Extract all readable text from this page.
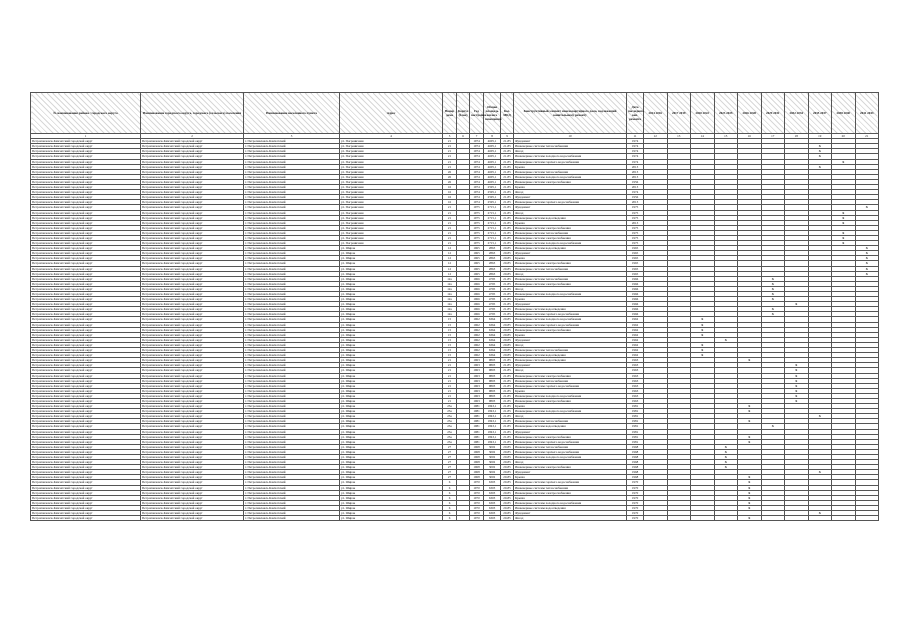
№ наименование района / городского округа	Наименование городского округа, городского (сельского) поселения	Наименование населенного пункта	Адрес	Номер дома	Корпус (блок)	Год постройки	Общая площадь жилого помещения	Кол. МКД	Конструктивный элемент многоквартирного дома, подлежащий капитальному ремонту	Дата последнего кап. ремонта	2014 2016	2017 2019	2020 2022	2023 2025	2026 2028	2029 2031	2032 2034	2035 2037	2038 2040	2041 2043
1	2	3	4	5	6	7	8	9	10	11	12	13	14	15	16	17	18	19	20	21
Петропавловск-Камчатский городской округ	Петропавловск-Камчатский городской округ	г. Петропавловск-Камчатский	ул. Пограничная	21		1974	4605,1	21-85	Фундамент	1974										
Петропавловск-Камчатский городской округ	Петропавловск-Камчатский городской округ	г. Петропавловск-Камчатский	ул. Пограничная	21		1974	4605,1	21-85	Инженерные системы теплоснабжения	1974								X		
Петропавловск-Камчатский городской округ	Петропавловск-Камчатский городской округ	г. Петропавловск-Камчатский	ул. Пограничная	21		1974	4605,1	21-85	Фасад	1974								X		
Петропавловск-Камчатский городской округ	Петропавловск-Камчатский городской округ	г. Петропавловск-Камчатский	ул. Пограничная	21		1974	4605,1	21-85	Инженерные системы холодного водоснабжения	1974								X		
Петропавловск-Камчатский городской округ	Петропавловск-Камчатский городской округ	г. Петропавловск-Камчатский	ул. Пограничная	21		1974	4605,1	21-85	Инженерные системы горячего водоснабжения	1974									X	
Петропавловск-Камчатский городской округ	Петропавловск-Камчатский городской округ	г. Петропавловск-Камчатский	ул. Пограничная	21		1974	4605,1	21-85	Крыша	2013								X		
Петропавловск-Камчатский городской округ	Петропавловск-Камчатский городской округ	г. Петропавловск-Камчатский	ул. Пограничная	26		1974	4605,1	21-85	Инженерные системы теплоснабжения	2013										
Петропавловск-Камчатский городской округ	Петропавловск-Камчатский городской округ	г. Петропавловск-Камчатский	ул. Пограничная	26		1974	4605,1	21-85	Инженерные системы холодного водоснабжения	2013										
Петропавловск-Камчатский городской округ	Петропавловск-Камчатский городской округ	г. Петропавловск-Камчатский	ул. Пограничная	26		1974	4605,1	21-85	Инженерные системы электроснабжения	1956										
Петропавловск-Камчатский городской округ	Петропавловск-Камчатский городской округ	г. Петропавловск-Камчатский	ул. Пограничная	16		1974	2595,1	21-85	Крыша	2013										
Петропавловск-Камчатский городской округ	Петропавловск-Камчатский городской округ	г. Петропавловск-Камчатский	ул. Пограничная	16		1974	2595,1	21-85	Фасад	1974										
Петропавловск-Камчатский городской округ	Петропавловск-Камчатский городской округ	г. Петропавловск-Камчатский	ул. Пограничная	16		1974	2595,1	21-85	Фундамент	1956										
Петропавловск-Камчатский городской округ	Петропавловск-Камчатский городской округ	г. Петропавловск-Камчатский	ул. Пограничная	16		1974	2595,1	21-85	Инженерные системы горячего водоснабжения	2013										
Петропавловск-Камчатский городской округ	Петропавловск-Камчатский городской округ	г. Петропавловск-Камчатский	ул. Пограничная	21		1975	2715,1	21-85	Фундамент	1975										X
Петропавловск-Камчатский городской округ	Петропавловск-Камчатский городской округ	г. Петропавловск-Камчатский	ул. Пограничная	21		1975	2715,1	21-85	Фасад	1975									X	
Петропавловск-Камчатский городской округ	Петропавловск-Камчатский городской округ	г. Петропавловск-Камчатский	ул. Пограничная	21		1975	2715,1	21-85	Инженерные системы водоотведения	1975									X	
Петропавловск-Камчатский городской округ	Петропавловск-Камчатский городской округ	г. Петропавловск-Камчатский	ул. Пограничная	21		1975	2715,1	21-85	Крыша	2013									X	
Петропавловск-Камчатский городской округ	Петропавловск-Камчатский городской округ	г. Петропавловск-Камчатский	ул. Пограничная	21		1975	2715,1	21-85	Инженерные системы электроснабжения	1975										
Петропавловск-Камчатский городской округ	Петропавловск-Камчатский городской округ	г. Петропавловск-Камчатский	ул. Пограничная	21		1975	2715,1	21-85	Инженерные системы теплоснабжения	1975									X	
Петропавловск-Камчатский городской округ	Петропавловск-Камчатский городской округ	г. Петропавловск-Камчатский	ул. Пограничная	21		1975	2715,1	21-85	Инженерные системы электроснабжения	1975									X	
Петропавловск-Камчатский городской округ	Петропавловск-Камчатский городской округ	г. Петропавловск-Камчатский	ул. Пограничная	21		1975	2715,1	21-85	Инженерные системы холодного водоснабжения	1975									X	
Петропавловск-Камчатский городской округ	Петропавловск-Камчатский городской округ	г. Петропавловск-Камчатский	ул. Ширак	12		1965	2863	20-85	Инженерные системы водоотведения	1965										X
Петропавловск-Камчатский городской округ	Петропавловск-Камчатский городской округ	г. Петропавловск-Камчатский	ул. Ширак	12		1965	2863	20-85	Фундамент	1965										X
Петропавловск-Камчатский городской округ	Петропавловск-Камчатский городской округ	г. Петропавловск-Камчатский	ул. Ширак	12		1965	2863	20-85	Крыша	1965										X
Петропавловск-Камчатский городской округ	Петропавловск-Камчатский городской округ	г. Петропавловск-Камчатский	ул. Ширак	12		1965	2863	20-85	Инженерные системы электроснабжения	1965										X
Петропавловск-Камчатский городской округ	Петропавловск-Камчатский городской округ	г. Петропавловск-Камчатский	ул. Ширак	12		1965	2863	20-85	Инженерные системы теплоснабжения	1965										X
Петропавловск-Камчатский городской округ	Петропавловск-Камчатский городской округ	г. Петропавловск-Камчатский	ул. Ширак	12		1965	2863	20-85	Фасад	1965										X
Петропавловск-Камчатский городской округ	Петропавловск-Камчатский городской округ	г. Петропавловск-Камчатский	ул. Ширак	12а		1966	4795	21-85	Инженерные системы теплоснабжения	1966						X				
Петропавловск-Камчатский городской округ	Петропавловск-Камчатский городской округ	г. Петропавловск-Камчатский	ул. Ширак	12а		1966	4795	21-85	Инженерные системы электроснабжения	1966						X				
Петропавловск-Камчатский городской округ	Петропавловск-Камчатский городской округ	г. Петропавловск-Камчатский	ул. Ширак	12а		1966	4795	21-85	Фасад	1966						X				
Петропавловск-Камчатский городской округ	Петропавловск-Камчатский городской округ	г. Петропавловск-Камчатский	ул. Ширак	12а		1966	4795	21-85	Инженерные системы холодного водоснабжения	1966						X				
Петропавловск-Камчатский городской округ	Петропавловск-Камчатский городской округ	г. Петропавловск-Камчатский	ул. Ширак	12а		1966	4795	21-85	Крыша	1966						X				
Петропавловск-Камчатский городской округ	Петропавловск-Камчатский городской округ	г. Петропавловск-Камчатский	ул. Ширак	12а		1966	4795	21-85	Фундамент	1966							X			
Петропавловск-Камчатский городской округ	Петропавловск-Камчатский городской округ	г. Петропавловск-Камчатский	ул. Ширак	12а		1966	4795	21-85	Инженерные системы водоотведения	1966						X				
Петропавловск-Камчатский городской округ	Петропавловск-Камчатский городской округ	г. Петропавловск-Камчатский	ул. Ширак	12а		1966	4795	21-85	Инженерные системы горячего водоснабжения	1966						X				
Петропавловск-Камчатский городской округ	Петропавловск-Камчатский городской округ	г. Петропавловск-Камчатский	ул. Ширак	15		1962	6364	20-85	Инженерные системы холодного водоснабжения	1962			X							
Петропавловск-Камчатский городской округ	Петропавловск-Камчатский городской округ	г. Петропавловск-Камчатский	ул. Ширак	15		1962	6364	20-85	Инженерные системы горячего водоснабжения	1962			X							
Петропавловск-Камчатский городской округ	Петропавловск-Камчатский городской округ	г. Петропавловск-Камчатский	ул. Ширак	15		1962	6364	20-85	Инженерные системы электроснабжения	1962			X							
Петропавловск-Камчатский городской округ	Петропавловск-Камчатский городской округ	г. Петропавловск-Камчатский	ул. Ширак	15		1962	6364	20-85	Крыша	1962			X							
Петропавловск-Камчатский городской округ	Петропавловск-Камчатский городской округ	г. Петропавловск-Камчатский	ул. Ширак	15		1962	6364	20-85	Фундамент	1962				X						
Петропавловск-Камчатский городской округ	Петропавловск-Камчатский городской округ	г. Петропавловск-Камчатский	ул. Ширак	15		1962	6364	20-85	Фасад	1962			X							
Петропавловск-Камчатский городской округ	Петропавловск-Камчатский городской округ	г. Петропавловск-Камчатский	ул. Ширак	15		1962	6364	20-85	Инженерные системы теплоснабжения	1962			X							
Петропавловск-Камчатский городской округ	Петропавловск-Камчатский городской округ	г. Петропавловск-Камчатский	ул. Ширак	15		1962	6364	20-85	Инженерные системы водоотведения	1962			X							
Петропавловск-Камчатский городской округ	Петропавловск-Камчатский городской округ	г. Петропавловск-Камчатский	ул. Ширак	21		1963	9803	21-85	Инженерные системы водоотведения	1963					X					
Петропавловск-Камчатский городской округ	Петропавловск-Камчатский городской округ	г. Петропавловск-Камчатский	ул. Ширак	21		1963	9803	21-85	Фундамент	1963							X			
Петропавловск-Камчатский городской округ	Петропавловск-Камчатский городской округ	г. Петропавловск-Камчатский	ул. Ширак	21		1963	9803	21-85	Фасад	1963							X			
Петропавловск-Камчатский городской округ	Петропавловск-Камчатский городской округ	г. Петропавловск-Камчатский	ул. Ширак	21		1963	9803	21-85	Инженерные системы электроснабжения	1963							X			
Петропавловск-Камчатский городской округ	Петропавловск-Камчатский городской округ	г. Петропавловск-Камчатский	ул. Ширак	21		1963	9803	21-85	Инженерные системы теплоснабжения	1963							X			
Петропавловск-Камчатский городской округ	Петропавловск-Камчатский городской округ	г. Петропавловск-Камчатский	ул. Ширак	21		1963	9803	21-85	Инженерные системы горячего водоснабжения	1963							X			
Петропавловск-Камчатский городской округ	Петропавловск-Камчатский городской округ	г. Петропавловск-Камчатский	ул. Ширак	21		1963	9803	21-85	Крыша	1963							X			
Петропавловск-Камчатский городской округ	Петропавловск-Камчатский городской округ	г. Петропавловск-Камчатский	ул. Ширак	21		1963	9803	21-85	Инженерные системы холодного водоснабжения	1963							X			
Петропавловск-Камчатский городской округ	Петропавловск-Камчатский городской округ	г. Петропавловск-Камчатский	ул. Ширак	21		1963	9803	21-85	Инженерные системы электроснабжения	1963							X			
Петропавловск-Камчатский городской округ	Петропавловск-Камчатский городской округ	г. Петропавловск-Камчатский	ул. Ширак	23а		1981	1843,1	21-85	Крыша	1981					X					
Петропавловск-Камчатский городской округ	Петропавловск-Камчатский городской округ	г. Петропавловск-Камчатский	ул. Ширак	23а		1981	1843,1	21-85	Инженерные системы холодного водоснабжения	1981					X					
Петропавловск-Камчатский городской округ	Петропавловск-Камчатский городской округ	г. Петропавловск-Камчатский	ул. Ширак	23а		1981	1843,1	21-85	Фасад	1981								X		
Петропавловск-Камчатский городской округ	Петропавловск-Камчатский городской округ	г. Петропавловск-Камчатский	ул. Ширак	23а		1981	1843,1	21-85	Инженерные системы теплоснабжения	1981					X					
Петропавловск-Камчатский городской округ	Петропавловск-Камчатский городской округ	г. Петропавловск-Камчатский	ул. Ширак	23а		1981	1843,1	21-85	Инженерные системы водоотведения	1981						X				
Петропавловск-Камчатский городской округ	Петропавловск-Камчатский городской округ	г. Петропавловск-Камчатский	ул. Ширак	23а		1981	1843,1	21-85	Фундамент	1981										
Петропавловск-Камчатский городской округ	Петропавловск-Камчатский городской округ	г. Петропавловск-Камчатский	ул. Ширак	23а		1981	1843,1	21-85	Инженерные системы электроснабжения	1981					X					
Петропавловск-Камчатский городской округ	Петропавловск-Камчатский городской округ	г. Петропавловск-Камчатский	ул. Ширак	23а		1981	1843,1	21-85	Инженерные системы горячего водоснабжения	1981					X					
Петропавловск-Камчатский городской округ	Петропавловск-Камчатский городской округ	г. Петропавловск-Камчатский	ул. Ширак	27		1968	3002	20-85	Инженерные системы теплоснабжения	1968				X						
Петропавловск-Камчатский городской округ	Петропавловск-Камчатский городской округ	г. Петропавловск-Камчатский	ул. Ширак	27		1968	3002	20-85	Инженерные системы горячего водоснабжения	1968				X						
Петропавловск-Камчатский городской округ	Петропавловск-Камчатский городской округ	г. Петропавловск-Камчатский	ул. Ширак	27		1968	3002	20-85	Инженерные системы холодного водоснабжения	1968				X						
Петропавловск-Камчатский городской округ	Петропавловск-Камчатский городской округ	г. Петропавловск-Камчатский	ул. Ширак	27		1968	3002	20-85	Фасад	1968				X						
Петропавловск-Камчатский городской округ	Петропавловск-Камчатский городской округ	г. Петропавловск-Камчатский	ул. Ширак	27		1968	3002	20-85	Инженерные системы электроснабжения	1968				X						
Петропавловск-Камчатский городской округ	Петропавловск-Камчатский городской округ	г. Петропавловск-Камчатский	ул. Ширак	27		1968	3002	20-85	Фундамент	1968								X		
Петропавловск-Камчатский городской округ	Петропавловск-Камчатский городской округ	г. Петропавловск-Камчатский	ул. Ширак	27		1968	3002	20-85	Крыша	1968					X					
Петропавловск-Камчатский городской округ	Петропавловск-Камчатский городской округ	г. Петропавловск-Камчатский	ул. Ширак	6		1970	6303	20-85	Инженерные системы горячего водоснабжения	1970					X					
Петропавловск-Камчатский городской округ	Петропавловск-Камчатский городской округ	г. Петропавловск-Камчатский	ул. Ширак	6		1970	6303	20-85	Инженерные системы теплоснабжения	1970					X					
Петропавловск-Камчатский городской округ	Петропавловск-Камчатский городской округ	г. Петропавловск-Камчатский	ул. Ширак	6		1970	6303	20-85	Инженерные системы электроснабжения	1970					X					
Петропавловск-Камчатский городской округ	Петропавловск-Камчатский городской округ	г. Петропавловск-Камчатский	ул. Ширак	6		1970	6303	20-85	Крыша	1970					X					
Петропавловск-Камчатский городской округ	Петропавловск-Камчатский городской округ	г. Петропавловск-Камчатский	ул. Ширак	6		1970	6303	20-85	Инженерные системы холодного водоснабжения	1970					X					
Петропавловск-Камчатский городской округ	Петропавловск-Камчатский городской округ	г. Петропавловск-Камчатский	ул. Ширак	6		1970	6303	20-85	Инженерные системы водоотведения	1970					X					
Петропавловск-Камчатский городской округ	Петропавловск-Камчатский городской округ	г. Петропавловск-Камчатский	ул. Ширак	6		1970	6303	20-85	Фундамент	1970								X		
Петропавловск-Камчатский городской округ	Петропавловск-Камчатский городской округ	г. Петропавловск-Камчатский	ул. Ширак	6		1970	6303	20-85	Фасад	1970					X					
